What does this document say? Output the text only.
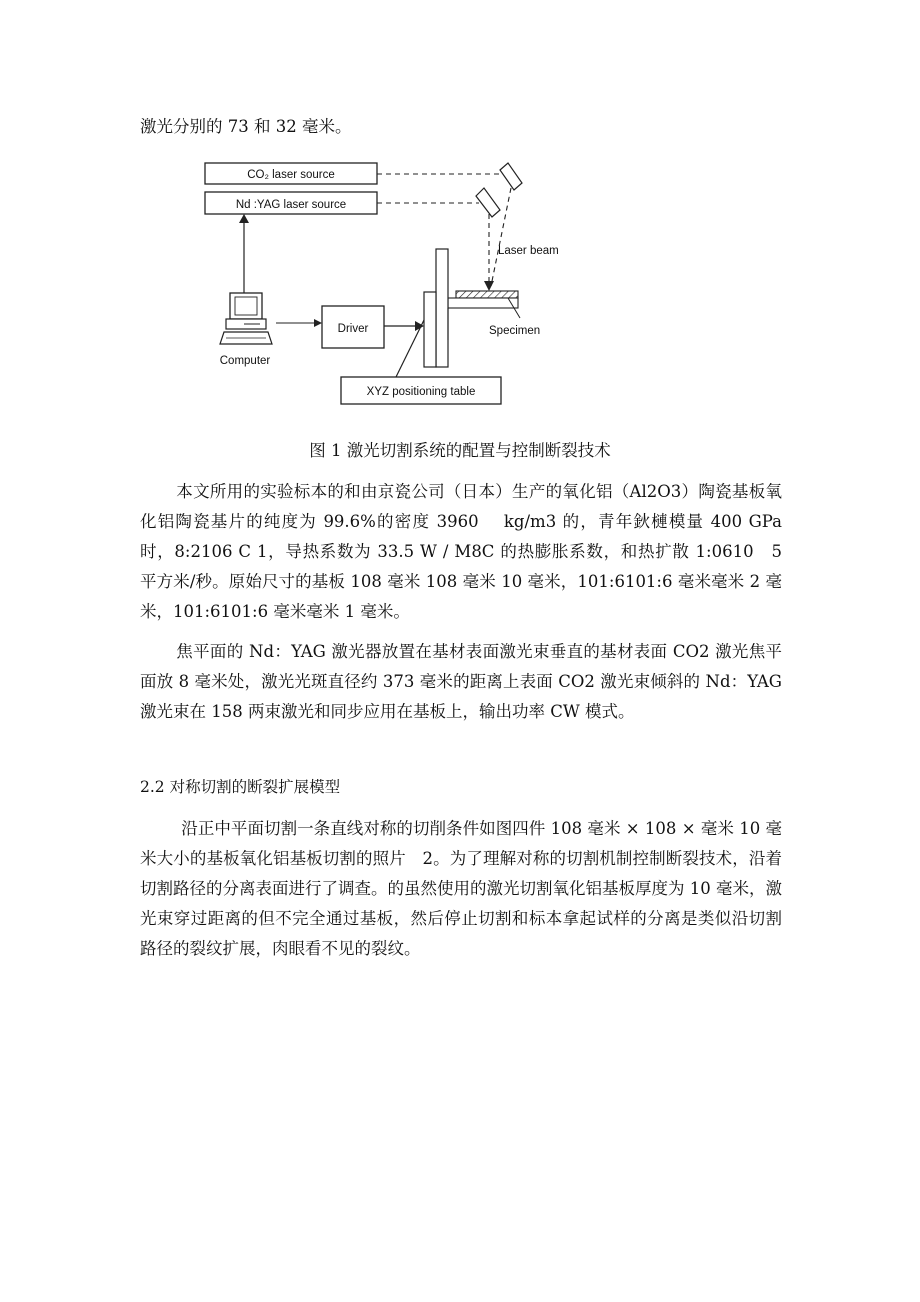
激光分别的 73 和 32 毫米。
CO₂ laser source
Nd :YAG laser source
Laser beam
Specimen
XYZ positioning table
Computer
Driver
图 1 激光切割系统的配置与控制断裂技术

本文所用的实验标本的和由京瓷公司（日本）生产的氧化铝（Al2O3）陶瓷基板氧化铝陶瓷基片的纯度为 99.6%的密度 3960　 kg/m3 的，青年鈥槤模量 400 GPa 时，8:2106 C 1，导热系数为 33.5 W / M8C 的热膨胀系数，和热扩散 1:0610　5 平方米/秒。原始尺寸的基板 108 毫米 108 毫米 10 毫米，101:6101:6 毫米毫米 2 毫米，101:6101:6 毫米毫米 1 毫米。

焦平面的 Nd：YAG 激光器放置在基材表面激光束垂直的基材表面 CO2 激光焦平面放 8 毫米处，激光光斑直径约 373 毫米的距离上表面 CO2 激光束倾斜的 Nd：YAG 激光束在 158 两束激光和同步应用在基板上，输出功率 CW 模式。

2.2 对称切割的断裂扩展模型

沿正中平面切割一条直线对称的切削条件如图四件 108 毫米 × 108 × 毫米 10 毫米大小的基板氧化铝基板切割的照片　2。为了理解对称的切割机制控制断裂技术，沿着切割路径的分离表面进行了调查。的虽然使用的激光切割氧化铝基板厚度为 10 毫米，激光束穿过距离的但不完全通过基板，然后停止切割和标本拿起试样的分离是类似沿切割路径的裂纹扩展，肉眼看不见的裂纹。
